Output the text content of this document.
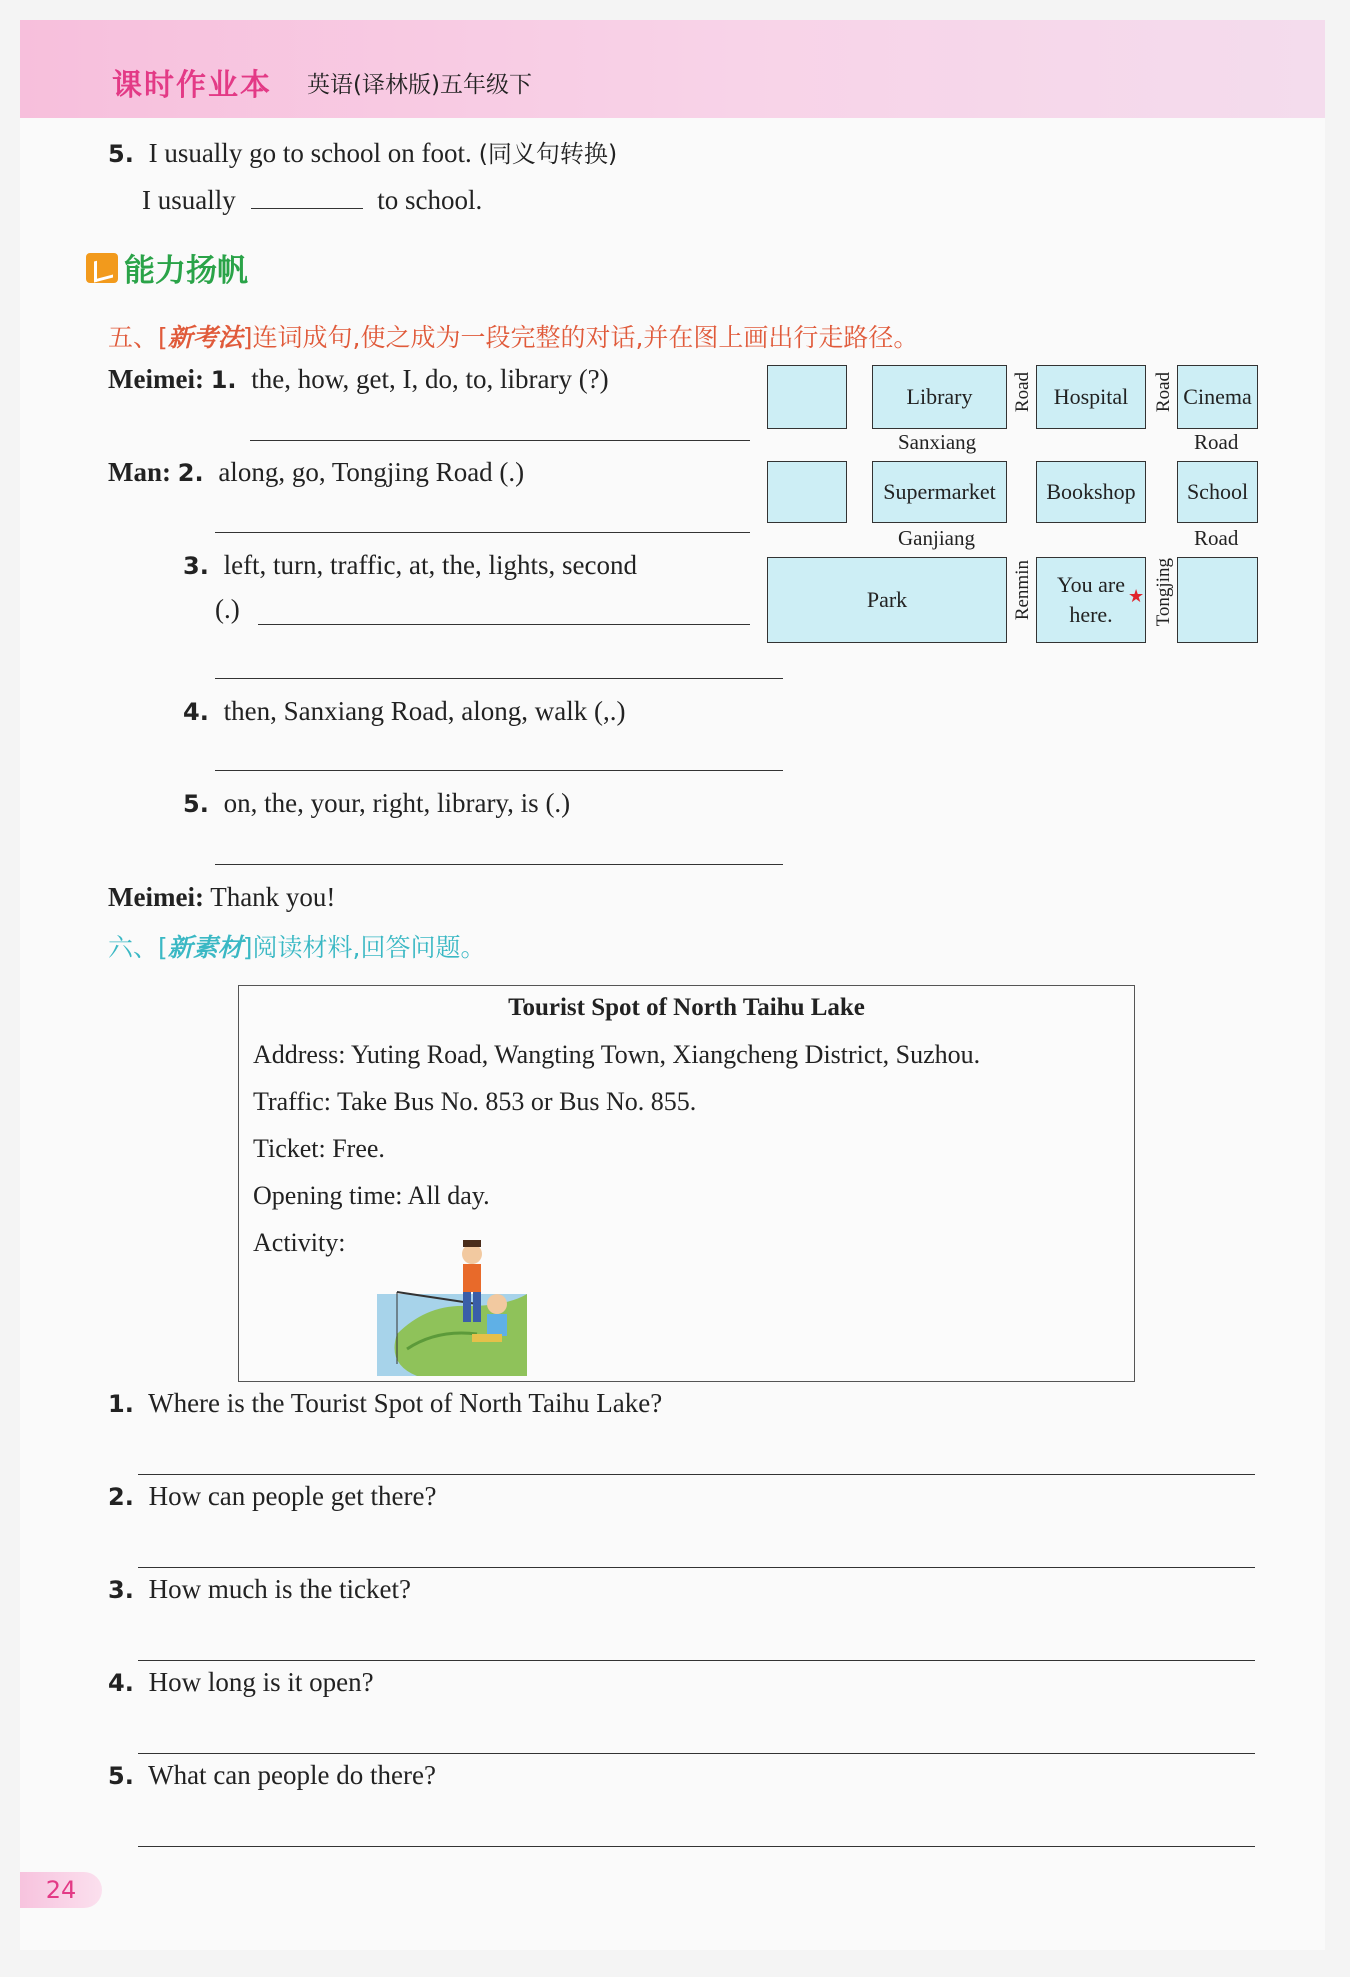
课时作业本 英语(译林版)五年级下
5. I usually go to school on foot. (同义句转换)
I usually	to school.
能力扬帆
五、[新考法]连词成句,使之成为一段完整的对话,并在图上画出行走路径。
Meimei: 1. the, how, get, I, do, to, library (?)
Man: 2. along, go, Tongjing Road (.)
3. left, turn, traffic, at, the, lights, second
(.)
4. then, Sanxiang Road, along, walk (,.)
5. on, the, your, right, library, is (.)
Meimei: Thank you!
Library	Hospital	Cinema
Road	Road
Sanxiang	Road
Supermarket	Bookshop	School
Ganjiang	Road
Park	Renmin You are
here.
★ Tongjing
六、[新素材]阅读材料,回答问题。
Tourist Spot of North Taihu Lake
Address: Yuting Road, Wangting Town, Xiangcheng District, Suzhou.
Traffic: Take Bus No. 853 or Bus No. 855.
Ticket: Free.
Opening time: All day.
Activity:
1. Where is the Tourist Spot of North Taihu Lake?
2. How can people get there?
3. How much is the ticket?
4. How long is it open?
5. What can people do there?
24
